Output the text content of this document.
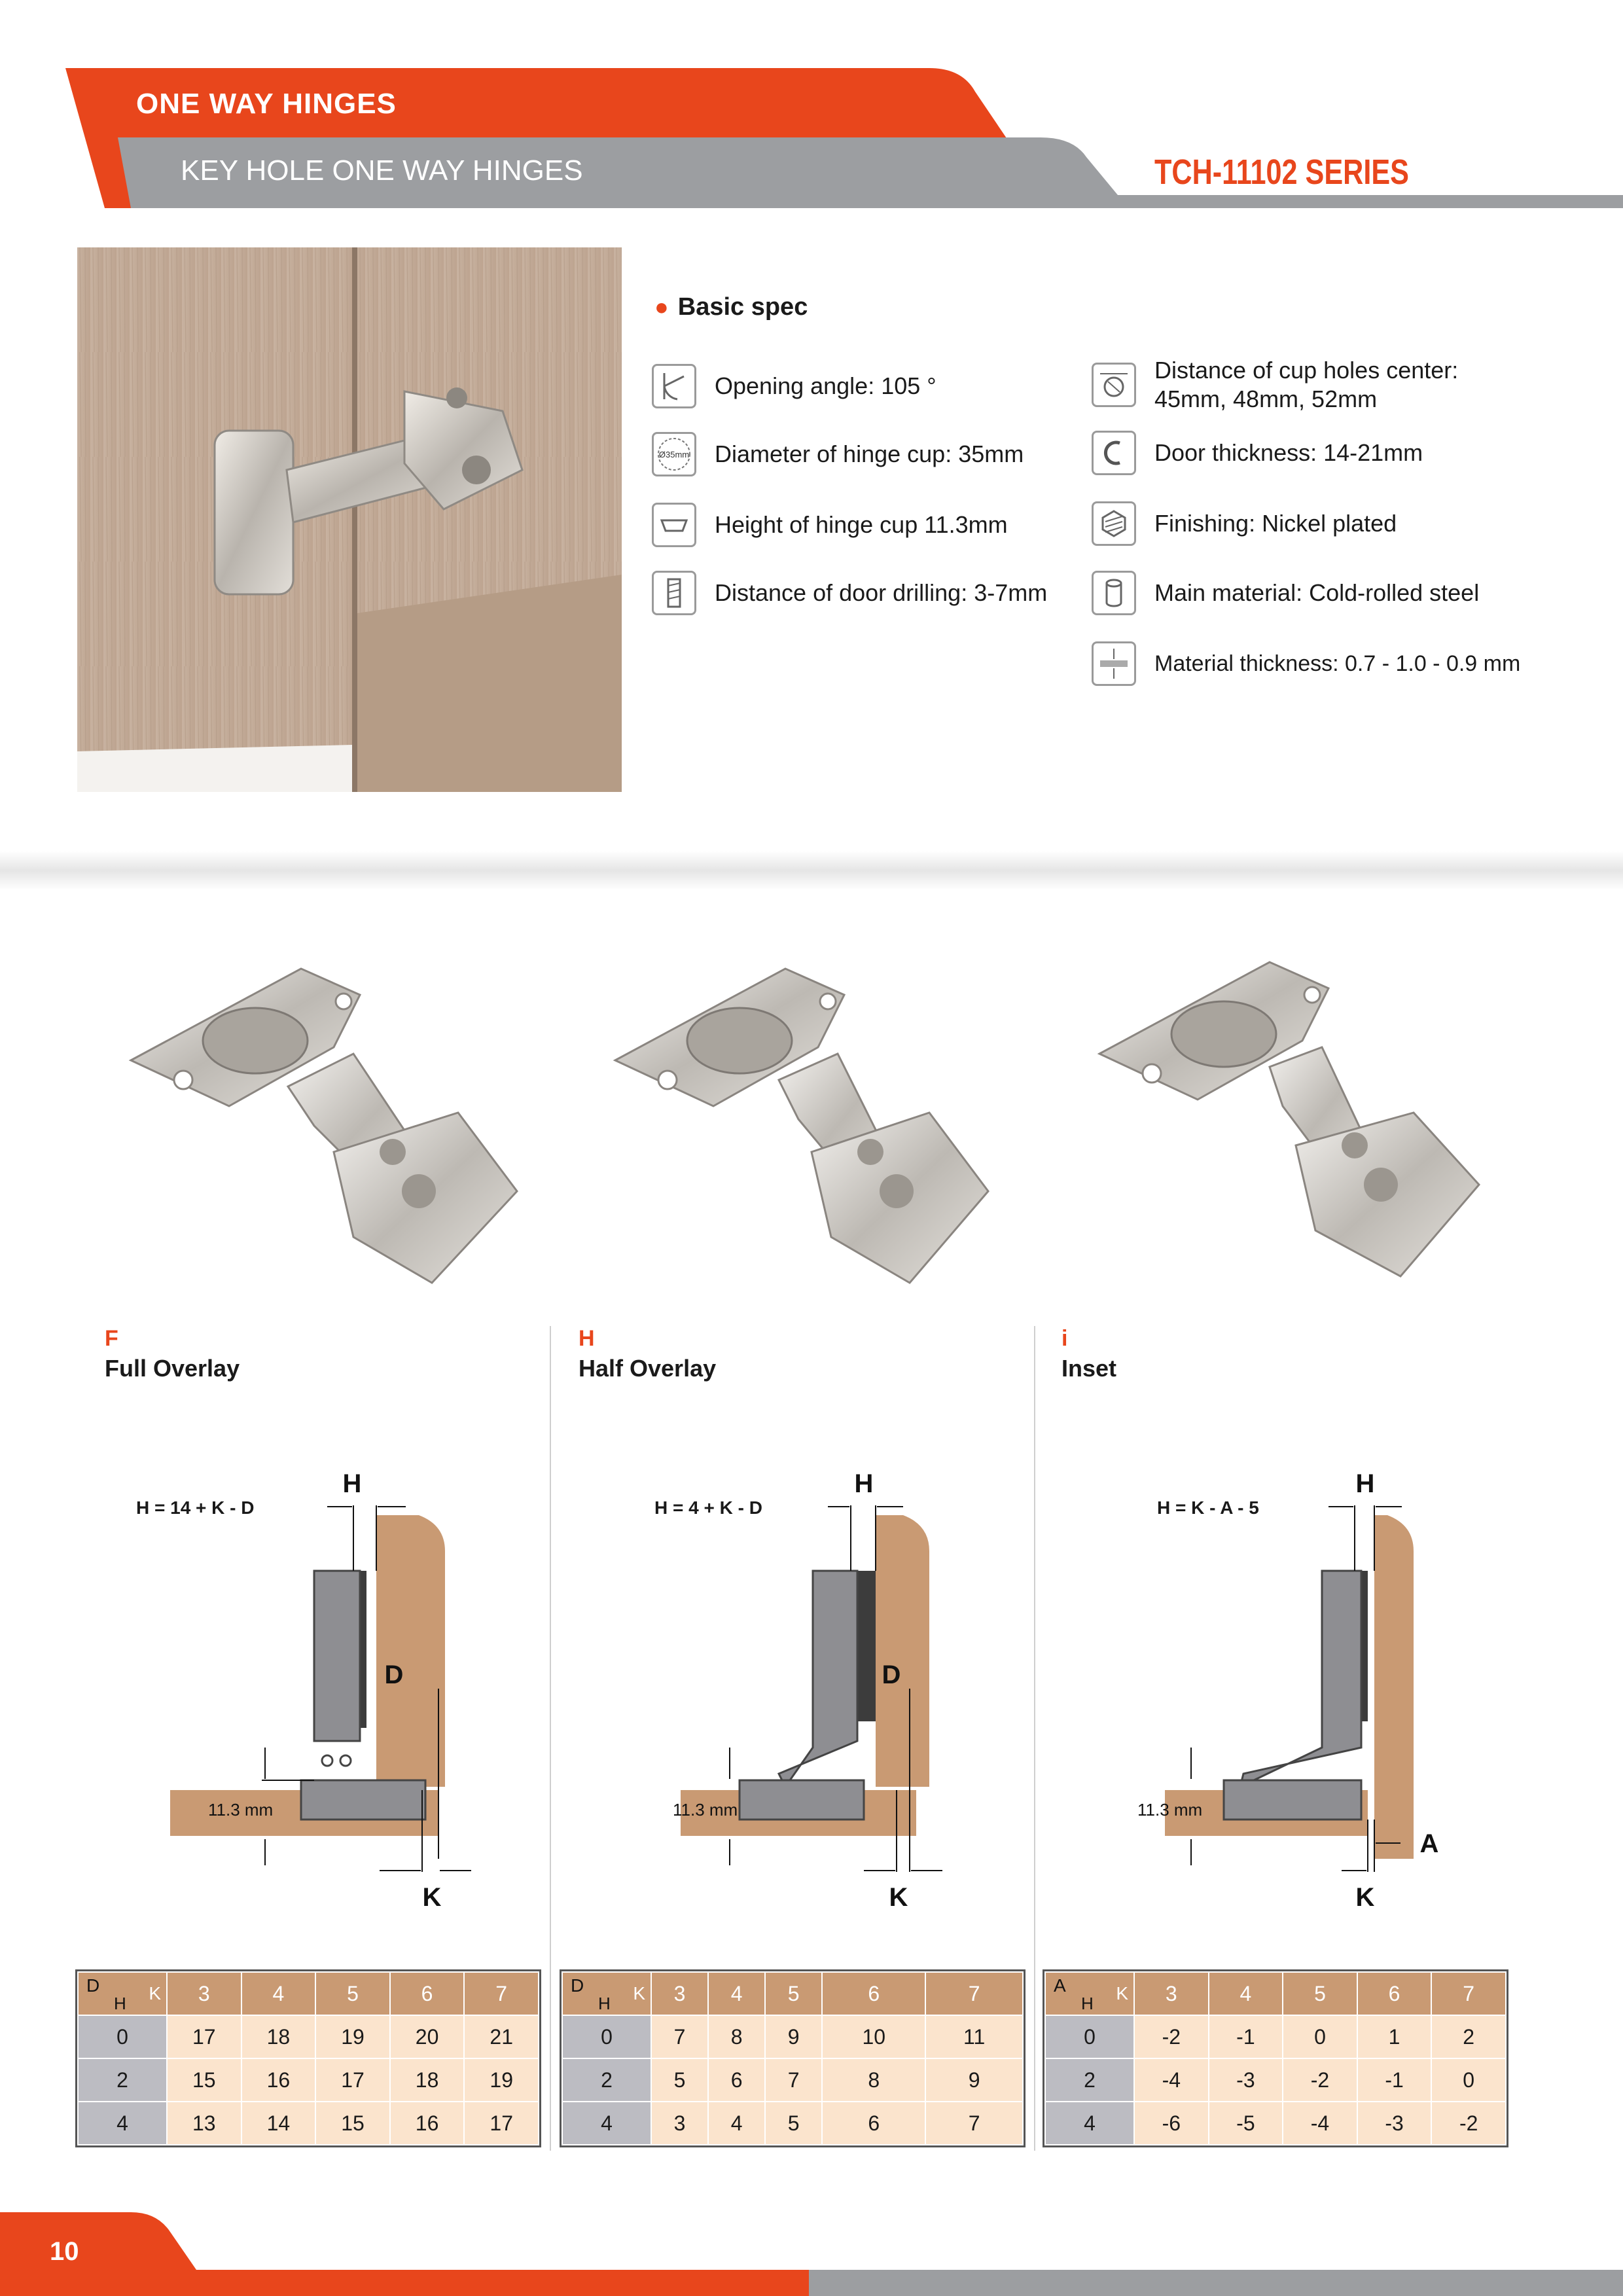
ONE WAY HINGES
KEY HOLE ONE WAY HINGES	TCH-11102 SERIES
● Basic spec
Opening angle: 105 °
Ø35mm Diameter of hinge cup: 35mm
Height of hinge cup 11.3mm
Distance of door drilling: 3-7mm
Distance of cup holes center:
45mm, 48mm, 52mm
Door thickness: 14-21mm
Finishing: Nickel plated
Main material: Cold-rolled steel
Material thickness: 0.7 - 1.0 - 0.9 mm
F
Full Overlay
H
Half Overlay
i
Inset
H = 14 + K - D	H = 4 + K - D	H = K - A - 5
H
D
K
11.3 mm
H
D
K
11.3 mm
H
A
K
11.3 mm
D
H K	3	4	5	6	7
0	17	18	19	20	21
2	15	16	17	18	19
4	13	14	15	16	17
D
H K	3	4	5	6	7
0	7	8	9	10	11
2	5	6	7	8	9
4	3	4	5	6	7
A
H K	3	4	5	6	7
0	-2	-1	0	1	2
2	-4	-3	-2	-1	0
4	-6	-5	-4	-3	-2
10
